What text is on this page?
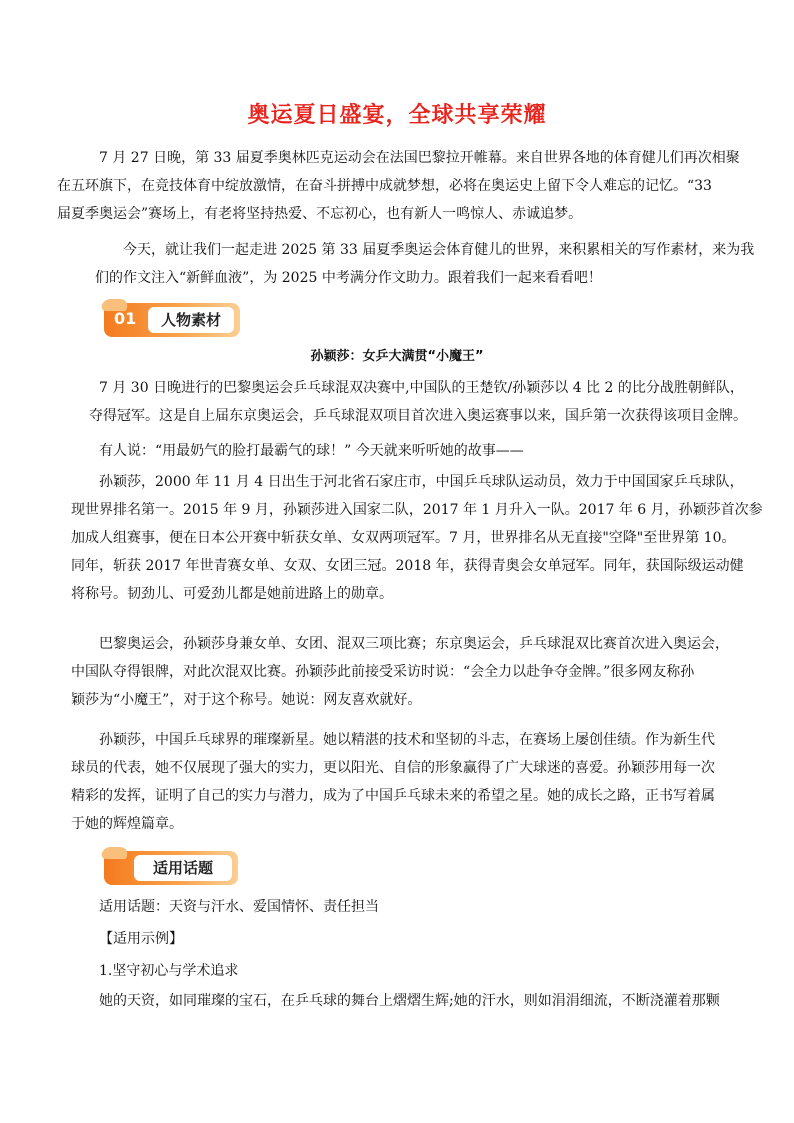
奥运夏日盛宴，全球共享荣耀
7 月 27 日晚，第 33 届夏季奥林匹克运动会在法国巴黎拉开帷幕。来自世界各地的体育健儿们再次相聚
在五环旗下，在竞技体育中绽放激情，在奋斗拼搏中成就梦想，必将在奥运史上留下令人难忘的记忆。“33
届夏季奥运会”赛场上，有老将坚持热爱、不忘初心，也有新人一鸣惊人、赤诚追梦。
今天，就让我们一起走进 2025 第 33 届夏季奥运会体育健儿的世界，来积累相关的写作素材，来为我
们的作文注入“新鲜血液”，为 2025 中考满分作文助力。跟着我们一起来看看吧！
01	人物素材
孙颖莎：女乒大满贯“小魔王”
7 月 30 日晚进行的巴黎奥运会乒乓球混双决赛中,中国队的王楚钦/孙颖莎以 4 比 2 的比分战胜朝鲜队，
夺得冠军。这是自上届东京奥运会，乒乓球混双项目首次进入奥运赛事以来，国乒第一次获得该项目金牌。
有人说：“用最奶气的脸打最霸气的球！” 今天就来听听她的故事——
孙颖莎，2000 年 11 月 4 日出生于河北省石家庄市，中国乒乓球队运动员，效力于中国国家乒乓球队，
现世界排名第一。2015 年 9 月，孙颖莎进入国家二队，2017 年 1 月升入一队。2017 年 6 月，孙颖莎首次参
加成人组赛事，便在日本公开赛中斩获女单、女双两项冠军。7 月，世界排名从无直接"空降"至世界第 10。
同年，斩获 2017 年世青赛女单、女双、女团三冠。2018 年，获得青奥会女单冠军。同年，获国际级运动健
将称号。韧劲儿、可爱劲儿都是她前进路上的勋章。
巴黎奥运会，孙颖莎身兼女单、女团、混双三项比赛；东京奥运会，乒乓球混双比赛首次进入奥运会，
中国队夺得银牌，对此次混双比赛。孙颖莎此前接受采访时说：“会全力以赴争夺金牌。”很多网友称孙
颖莎为“小魔王”，对于这个称号。她说：网友喜欢就好。
孙颖莎，中国乒乓球界的璀璨新星。她以精湛的技术和坚韧的斗志，在赛场上屡创佳绩。作为新生代
球员的代表，她不仅展现了强大的实力，更以阳光、自信的形象赢得了广大球迷的喜爱。孙颖莎用每一次
精彩的发挥，证明了自己的实力与潜力，成为了中国乒乓球未来的希望之星。她的成长之路，正书写着属
于她的辉煌篇章。
适用话题
适用话题：天资与汗水、爱国情怀、责任担当
【适用示例】
1.坚守初心与学术追求
她的天资，如同璀璨的宝石，在乒乓球的舞台上熠熠生辉;她的汗水，则如涓涓细流，不断浇灌着那颗
